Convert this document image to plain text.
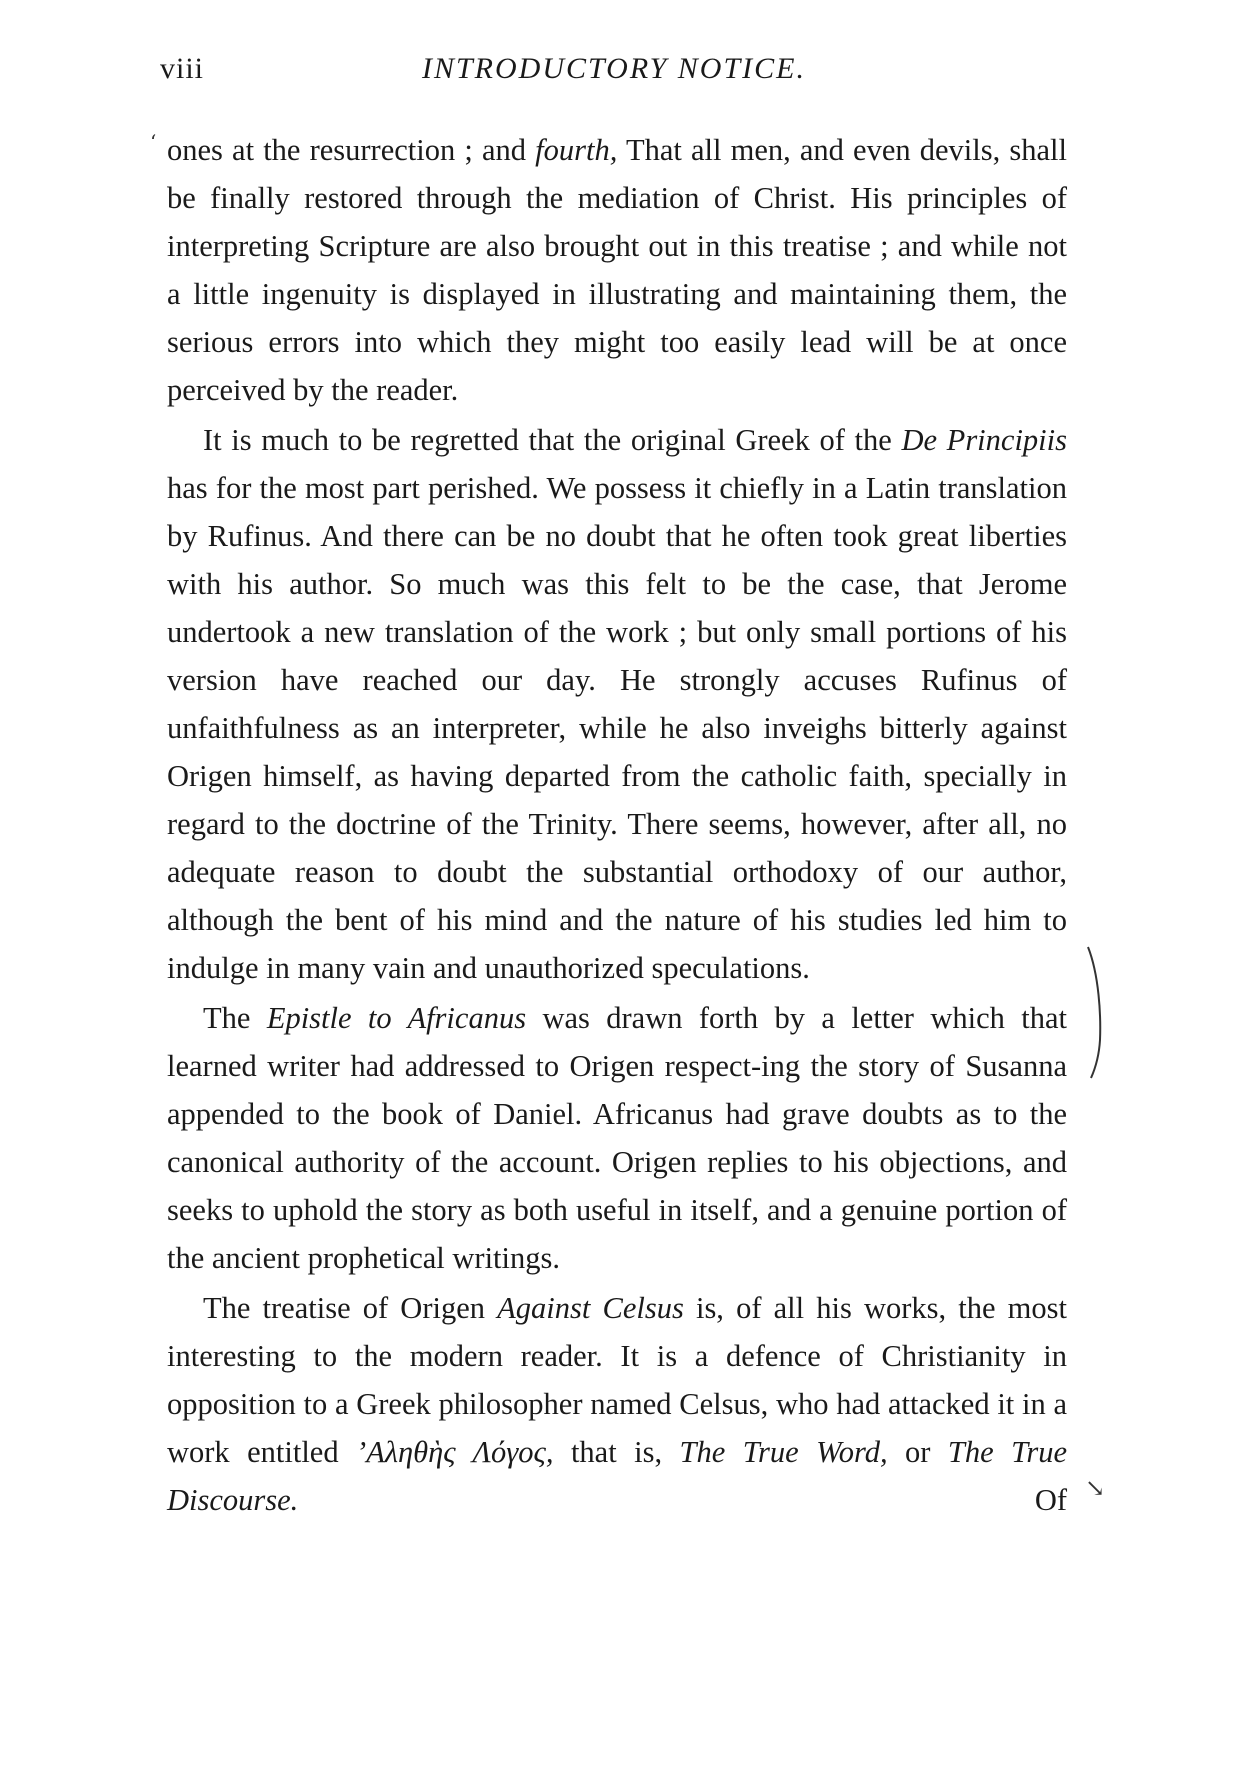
viii	INTRODUCTORY NOTICE.
‘ ones at the resurrection ; and fourth, That all men, and even devils, shall be finally restored through the mediation of Christ. His principles of interpreting Scripture are also brought out in this treatise ; and while not a little ingenuity is displayed in illustrating and maintaining them, the serious errors into which they might too easily lead will be at once perceived by the reader.

It is much to be regretted that the original Greek of the De Principiis has for the most part perished. We possess it chiefly in a Latin translation by Rufinus. And there can be no doubt that he often took great liberties with his author. So much was this felt to be the case, that Jerome undertook a new translation of the work ; but only small portions of his version have reached our day. He strongly accuses Rufinus of unfaithfulness as an interpreter, while he also inveighs bitterly against Origen himself, as having departed from the catholic faith, specially in regard to the doctrine of the Trinity. There seems, however, after all, no adequate reason to doubt the substantial orthodoxy of our author, although the bent of his mind and the nature of his studies led him to indulge in many vain and unauthorized speculations.

The Epistle to Africanus was drawn forth by a letter which that learned writer had addressed to Origen respect-ing the story of Susanna appended to the book of Daniel. Africanus had grave doubts as to the canonical authority of the account. Origen replies to his objections, and seeks to uphold the story as both useful in itself, and a genuine portion of the ancient prophetical writings.

The treatise of Origen Against Celsus is, of all his works, the most interesting to the modern reader. It is a defence of Christianity in opposition to a Greek philosopher named Celsus, who had attacked it in a work entitled ’Αληθὴς Λόγος, that is, The True Word, or The True Discourse. Of ↘
